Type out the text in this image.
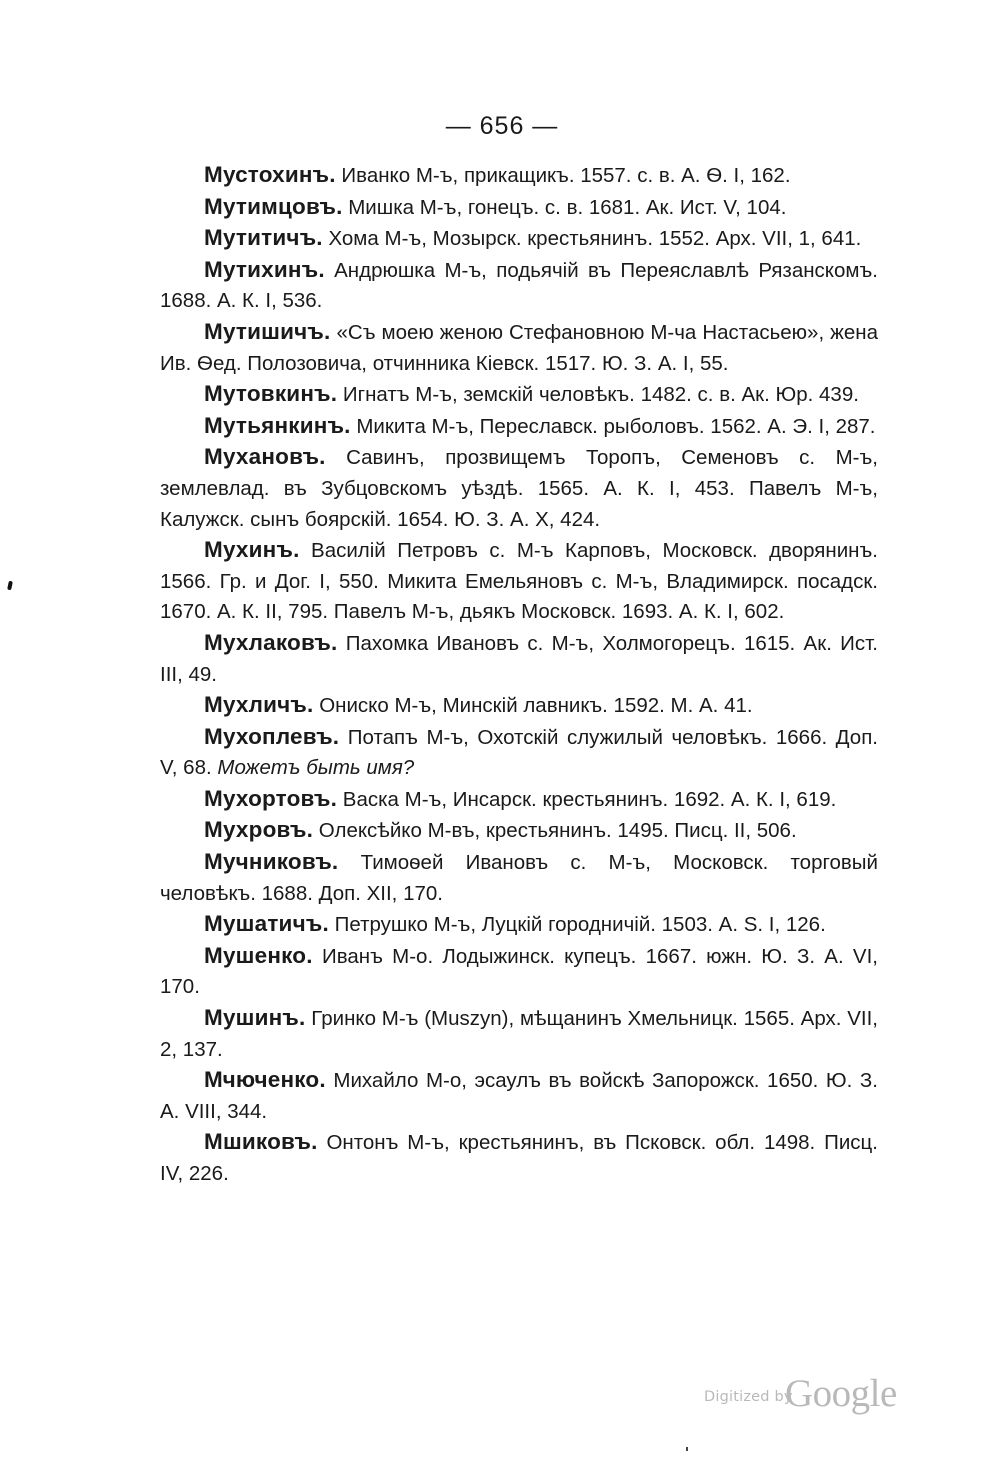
— 656 —

Мустохинъ. Иванко М-ъ, прикащикъ. 1557. с. в. А. Ѳ. I, 162.

Мутимцовъ. Мишка М-ъ, гонецъ. с. в. 1681. Ак. Ист. V, 104.

Мутитичъ. Хома М-ъ, Мозырск. крестьянинъ. 1552. Арх. VII, 1, 641.

Мутихинъ. Андрюшка М-ъ, подьячій въ Переяславлѣ Рязанскомъ. 1688. А. К. I, 536.

Мутишичъ. «Съ моею женою Стефановною М-ча Настасьею», жена Ив. Ѳед. Полозовича, отчинника Кіевск. 1517. Ю. З. А. I, 55.

Мутовкинъ. Игнатъ М-ъ, земскій человѣкъ. 1482. с. в. Ак. Юр. 439.

Мутьянкинъ. Микита М-ъ, Переславск. рыболовъ. 1562. А. Э. I, 287.

Мухановъ. Савинъ, прозвищемъ Торопъ, Семеновъ с. М-ъ, землевлад. въ Зубцовскомъ уѣздѣ. 1565. А. К. I, 453. Павелъ М-ъ, Калужск. сынъ боярскій. 1654. Ю. З. А. X, 424.

Мухинъ. Василій Петровъ с. М-ъ Карповъ, Московск. дворянинъ. 1566. Гр. и Дог. I, 550. Микита Емельяновъ с. М-ъ, Владимирск. посадск. 1670. А. К. II, 795. Павелъ М-ъ, дьякъ Московск. 1693. А. К. I, 602.

Мухлаковъ. Пахомка Ивановъ с. М-ъ, Холмогорецъ. 1615. Ак. Ист. III, 49.

Мухличъ. Ониско М-ъ, Минскій лавникъ. 1592. М. А. 41.

Мухоплевъ. Потапъ М-ъ, Охотскій служилый человѣкъ. 1666. Доп. V, 68. Можетъ быть имя?

Мухортовъ. Васка М-ъ, Инсарск. крестьянинъ. 1692. А. К. I, 619.

Мухровъ. Олексѣйко М-въ, крестьянинъ. 1495. Писц. II, 506.

Мучниковъ. Тимоѳей Ивановъ с. М-ъ, Московск. торговый человѣкъ. 1688. Доп. XII, 170.

Мушатичъ. Петрушко М-ъ, Луцкій городничій. 1503. A. S. I, 126.

Мушенко. Иванъ М-о. Лодыжинск. купецъ. 1667. южн. Ю. З. А. VI, 170.

Мушинъ. Гринко М-ъ (Muszyn), мѣщанинъ Хмельницк. 1565. Арх. VII, 2, 137.

Мчюченко. Михайло М-о, эсаулъ въ войскѣ Запорожск. 1650. Ю. З. А. VIII, 344.

Мшиковъ. Онтонъ М-ъ, крестьянинъ, въ Псковск. обл. 1498. Писц. IV, 226.

Digitized by
Google
